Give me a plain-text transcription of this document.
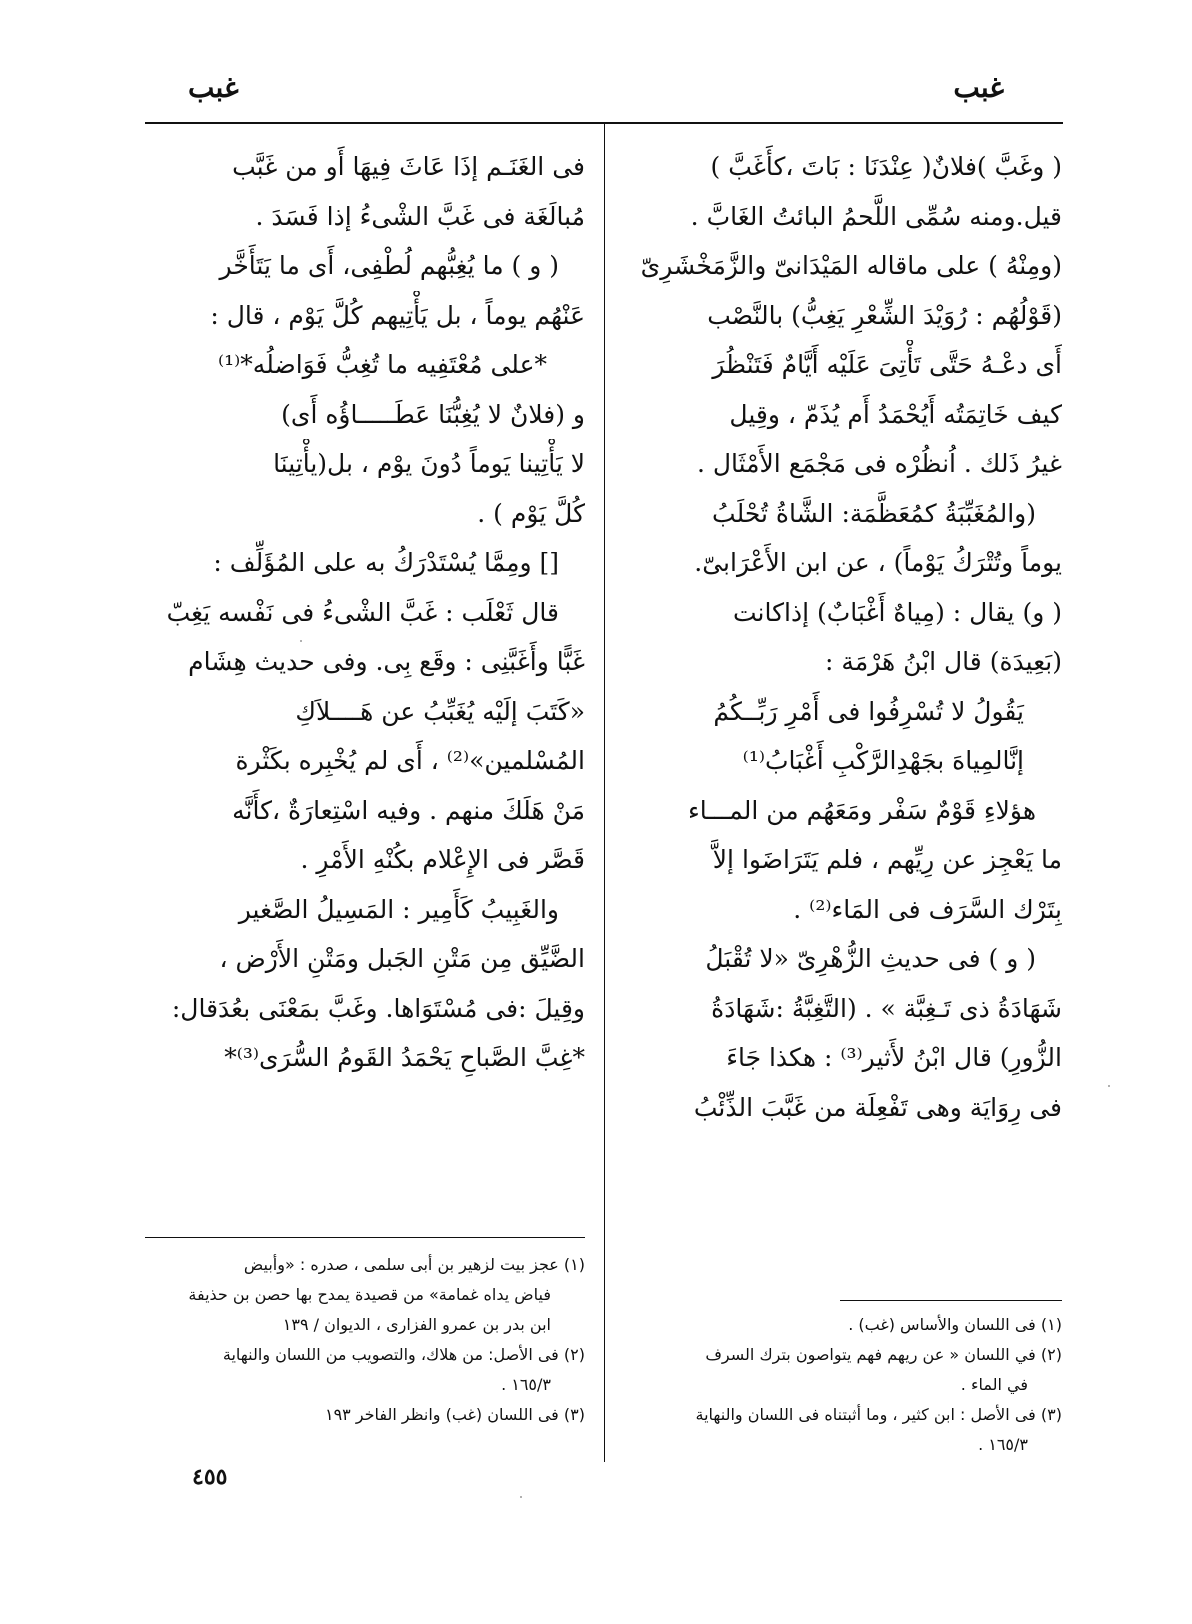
غبب
غبب
( وغَبَّ )فلانٌ( عِنْدَنَا : بَاتَ ،كأَغَبَّ )
قيل.ومنه سُمِّى اللَّحمُ البائتُ الغَابَّ .
(ومِنْهُ ) على ماقاله المَيْدَانىّ والزَّمَخْشَرِىّ
(قَوْلُهُم : رُوَيْدَ الشِّعْرِ يَغِبُّ) بالنَّصْب
أَى دعْـهُ حَتَّى تَأْتِىَ عَلَيْه أَيَّامٌ فَتَنْظُرَ
كيف خَاتِمَتُه أَيُحْمَدُ أَم يُذَمّ ، وقِيل
غيرُ ذَلك . اُنظُرْه فى مَجْمَع الأَمْثَال .
(والمُغَبِّبَةُ كمُعَظَّمَة: الشَّاةُ تُحْلَبُ
يوماً وتُتْرَكُ يَوْماً) ، عن ابن الأَعْرَابىّ.
( و) يقال : (مِياهٌ أَغْبَابٌ) إذاكانت
(بَعِيدَة) قال ابْنُ هَرْمَة :
يَقُولُ لا تُسْرِفُوا فى أَمْرِ رَبِّــكُمُ
إنَّالمِياهَ بجَهْدِالرَّكْبِ أَغْبَابُ⁽¹⁾
هؤلاءِ قَوْمٌ سَفْر ومَعَهُم من المـــاء
ما يَعْجِز عن رِيِّهم ، فلم يَتَرَاضَوا إلاَّ
بِتَرْك السَّرَف فى المَاء⁽²⁾ .
( و ) فى حديثِ الزُّهْرِىّ «لا تُقْبَلُ
شَهَادَةُ ذى تَـغِبَّة » . (التَّغِبَّةُ :شَهَادَةُ
الزُّورِ) قال ابْنُ لأَثير⁽³⁾ : هكذا جَاءَ
فى رِوَايَة وهى تَفْعِلَة من غَبَّبَ الذِّئْبُ
فى الغَنَـم إذَا عَاثَ فِيهَا أَو من غَبَّب
مُبالَغَة فى غَبَّ الشْىءُ إذا فَسَدَ .
( و ) ما يُغِبُّهم لُطْفِى، أَى ما يَتَأَخَّر
عَنْهُم يوماً ، بل يَأْتِيهم كُلَّ يَوْم ، قال :
*على مُعْتَفِيه ما تُغِبُّ فَوَاضلُه*⁽¹⁾
و (فلانٌ لا يُغِبُّنَا عَطَـــــاؤُه أَى)
لا يَأْتِينا يَوماً دُونَ يوْم ، بل(يأْتِينَا
كُلَّ يَوْم ) .
[] ومِمَّا يُسْتَدْرَكُ به على المُؤَلِّف :
قال ثَعْلَب : غَبَّ الشْىءُ فى نَفْسه يَغِبّ
غَبًّا وأَغَبَّنِى : وقَع بِى. وفى حديث هِشَام
«كَتَبَ إلَيْه يُغَبِّبُ عن هَــــلاَكِ
المُسْلمين»⁽²⁾ ، أَى لم يُخْبِره بكَثْرة
مَنْ هَلَكَ منهم . وفيه اسْتِعارَةٌ ،كأَنَّه
قَصَّر فى الإِعْلام بكُنْهِ الأَمْرِ .
والغَبِيبُ كَأَمِير : المَسِيلُ الصَّغير
الضَّيِّق مِن مَتْنِ الجَبل ومَتْنِ الأَرْض ،
وقِيلَ :فى مُسْتَوَاها. وغَبَّ بمَعْنَى بعُدَقال:
*غِبَّ الصَّباحِ يَحْمَدُ القَومُ السُّرَى⁽³⁾*
(١) فى اللسان والأساس (غب) .
(٢) في اللسان « عن ريهم فهم يتواصون بترك السرف
في الماء .
(٣) فى الأصل : ابن كثير ، وما أثبتناه فى اللسان والنهاية
١٦٥/٣ .
(١) عجز بيت لزهير بن أبى سلمى ، صدره : «وأبيض
فياض يداه غمامة» من قصيدة يمدح بها حصن بن حذيفة
ابن بدر بن عمرو الفزارى ، الديوان / ١٣٩
(٢) فى الأصل: من هلاك، والتصويب من اللسان والنهاية
١٦٥/٣ .
(٣) فى اللسان (غب) وانظر الفاخر ١٩٣
٤٥٥
